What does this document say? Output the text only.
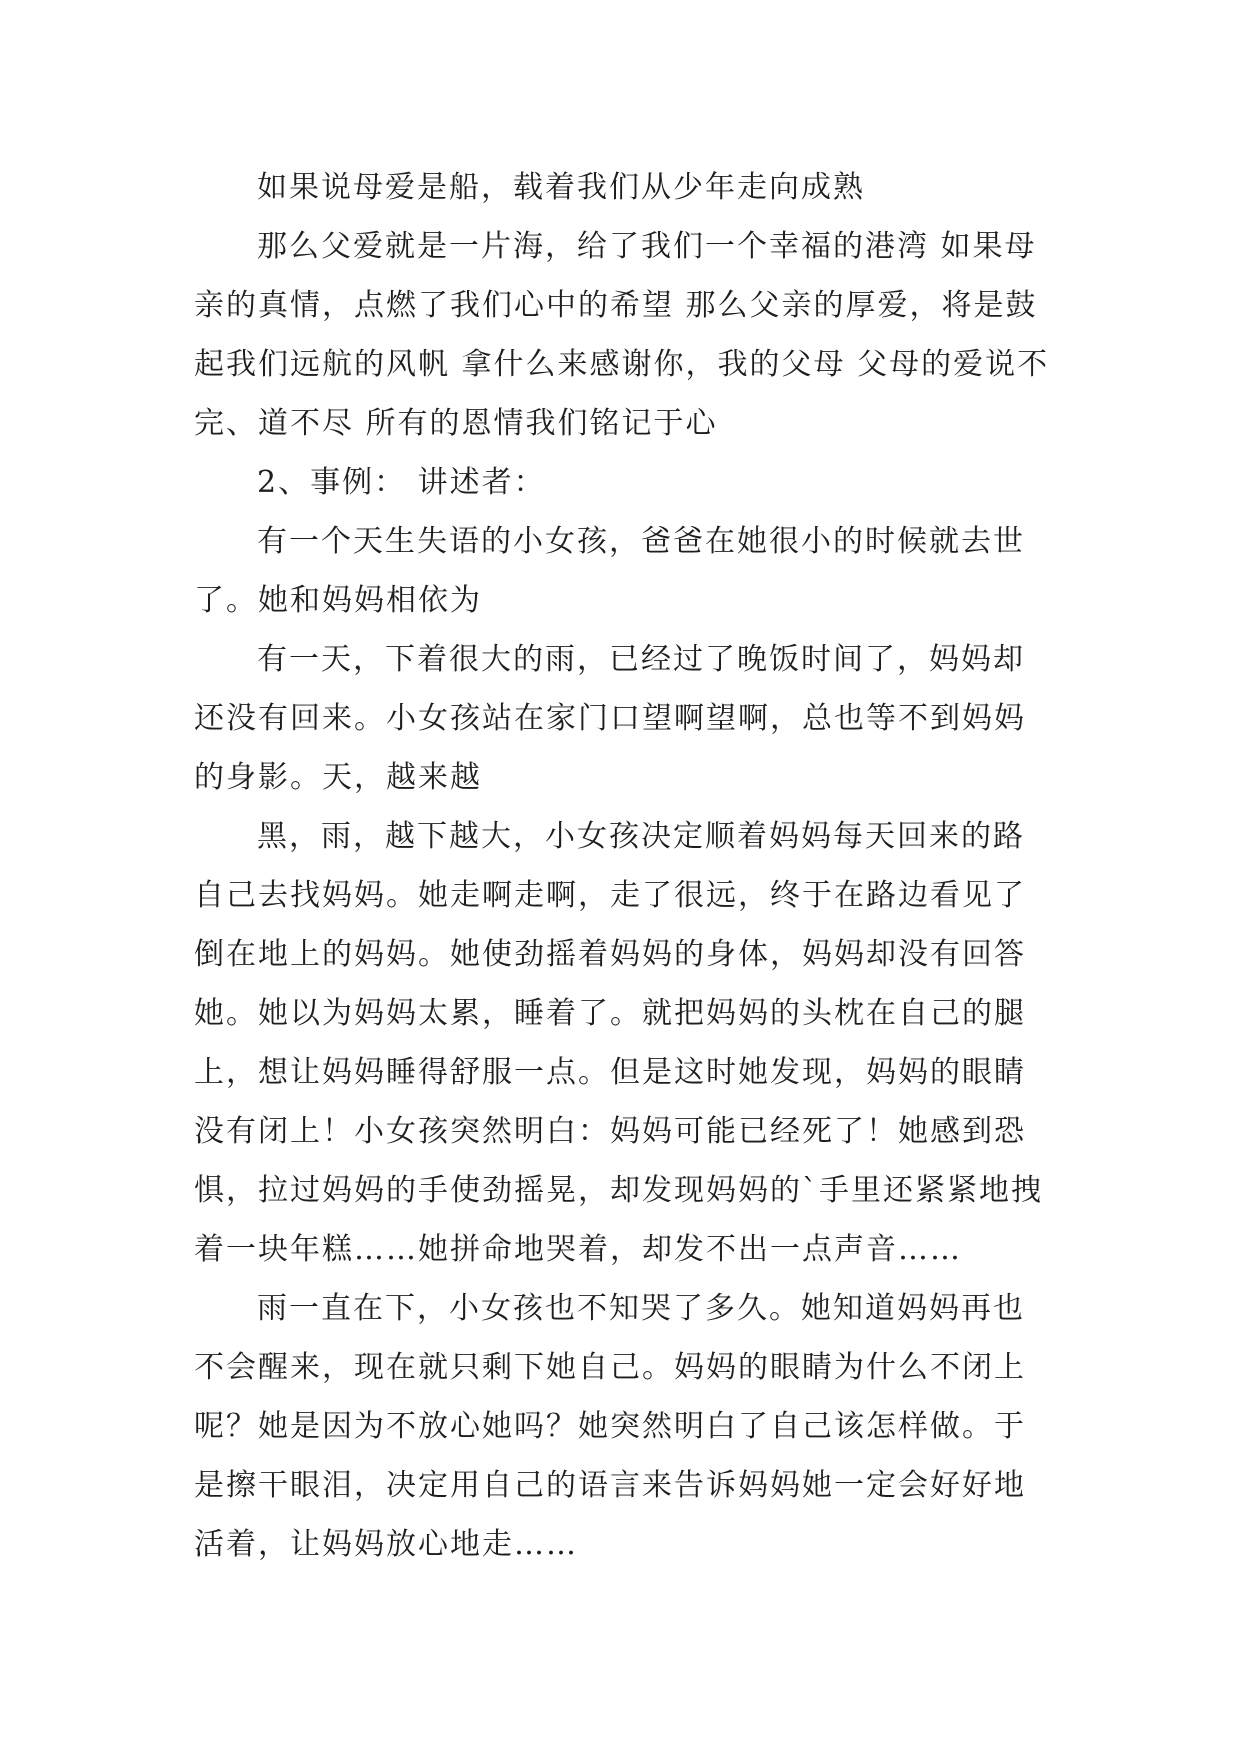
如果说母爱是船，载着我们从少年走向成熟

那么父爱就是一片海，给了我们一个幸福的港湾 如果母亲的真情，点燃了我们心中的希望 那么父亲的厚爱，将是鼓起我们远航的风帆 拿什么来感谢你，我的父母 父母的爱说不完、道不尽 所有的恩情我们铭记于心

2、事例： 讲述者：

有一个天生失语的小女孩，爸爸在她很小的时候就去世了。她和妈妈相依为

有一天，下着很大的雨，已经过了晚饭时间了，妈妈却还没有回来。小女孩站在家门口望啊望啊，总也等不到妈妈的身影。天，越来越

黑，雨，越下越大，小女孩决定顺着妈妈每天回来的路自己去找妈妈。她走啊走啊，走了很远，终于在路边看见了倒在地上的妈妈。她使劲摇着妈妈的身体，妈妈却没有回答她。她以为妈妈太累，睡着了。就把妈妈的头枕在自己的腿上，想让妈妈睡得舒服一点。但是这时她发现，妈妈的眼睛没有闭上！小女孩突然明白：妈妈可能已经死了！她感到恐惧，拉过妈妈的手使劲摇晃，却发现妈妈的`手里还紧紧地拽着一块年糕……她拼命地哭着，却发不出一点声音……

雨一直在下，小女孩也不知哭了多久。她知道妈妈再也不会醒来，现在就只剩下她自己。妈妈的眼睛为什么不闭上呢？她是因为不放心她吗？她突然明白了自己该怎样做。于是擦干眼泪，决定用自己的语言来告诉妈妈她一定会好好地活着，让妈妈放心地走……
